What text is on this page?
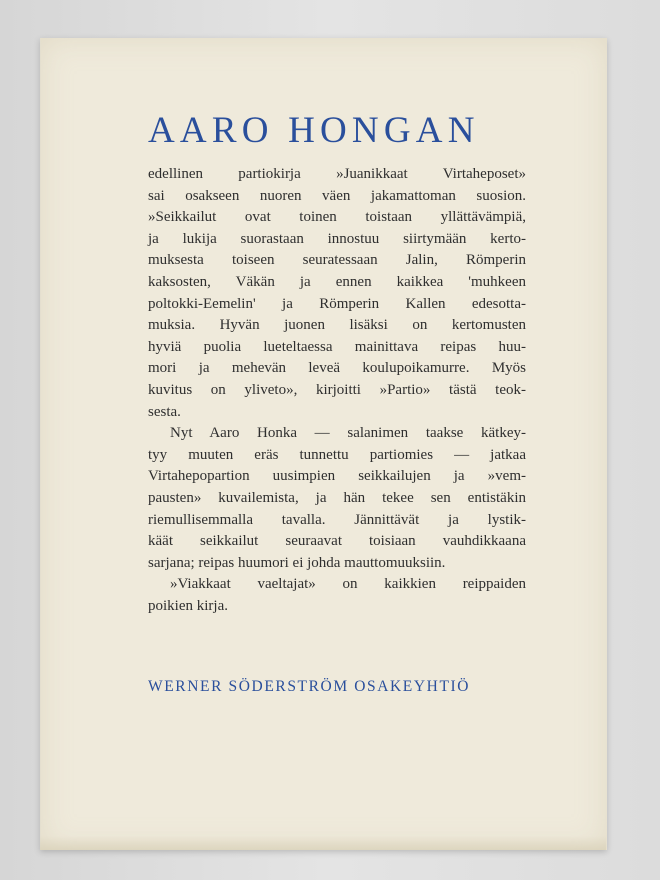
AARO HONGAN

edellinen partiokirja »Juanikkaat Virtaheposet»
sai osakseen nuoren väen jakamattoman suosion.
»Seikkailut ovat toinen toistaan yllättävämpiä,
ja lukija suorastaan innostuu siirtymään kerto-
muksesta toiseen seuratessaan Jalin, Römperin
kaksosten, Väkän ja ennen kaikkea 'muhkeen
poltokki-Eemelin' ja Römperin Kallen edesotta-
muksia. Hyvän juonen lisäksi on kertomusten
hyviä puolia lueteltaessa mainittava reipas huu-
mori ja mehevän leveä koulupoikamurre. Myös
kuvitus on yliveto», kirjoitti »Partio» tästä teok-
sesta.

Nyt Aaro Honka — salanimen taakse kätkey-
tyy muuten eräs tunnettu partiomies — jatkaa
Virtahepopartion uusimpien seikkailujen ja »vem-
pausten» kuvailemista, ja hän tekee sen entistäkin
riemullisemmalla tavalla. Jännittävät ja lystik-
käät seikkailut seuraavat toisiaan vauhdikkaana
sarjana; reipas huumori ei johda mauttomuuksiin.

»Viakkaat vaeltajat» on kaikkien reippaiden
poikien kirja.

WERNER SÖDERSTRÖM OSAKEYHTIÖ
